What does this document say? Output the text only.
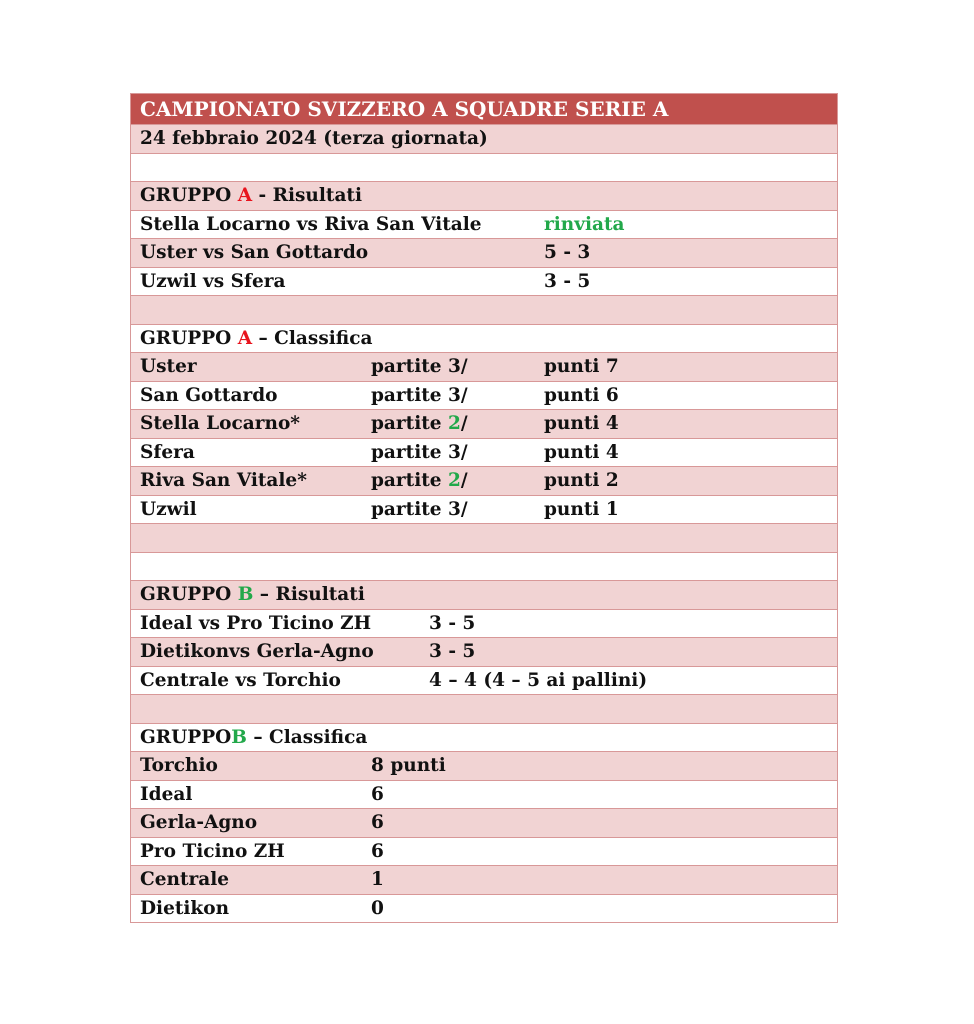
CAMPIONATO SVIZZERO A SQUADRE SERIE A
24 febbraio 2024 (terza giornata)
GRUPPO A - Risultati
Stella Locarno vs Riva San Vitale	rinviata
Uster vs San Gottardo	5 - 3
Uzwil vs Sfera	3 - 5
GRUPPO A – Classifica
Uster	partite 3/	punti 7
San Gottardo	partite 3/	punti 6
Stella Locarno*	partite 2/	punti 4
Sfera	partite 3/	punti 4
Riva San Vitale*	partite 2/	punti 2
Uzwil	partite 3/	punti 1
GRUPPO B – Risultati
Ideal vs Pro Ticino ZH	3 - 5
Dietikonvs Gerla-Agno	3 - 5
Centrale vs Torchio	4 – 4 (4 – 5 ai pallini)
GRUPPOB – Classifica
Torchio	8 punti
Ideal	6
Gerla-Agno	6
Pro Ticino ZH	6
Centrale	1
Dietikon	0
